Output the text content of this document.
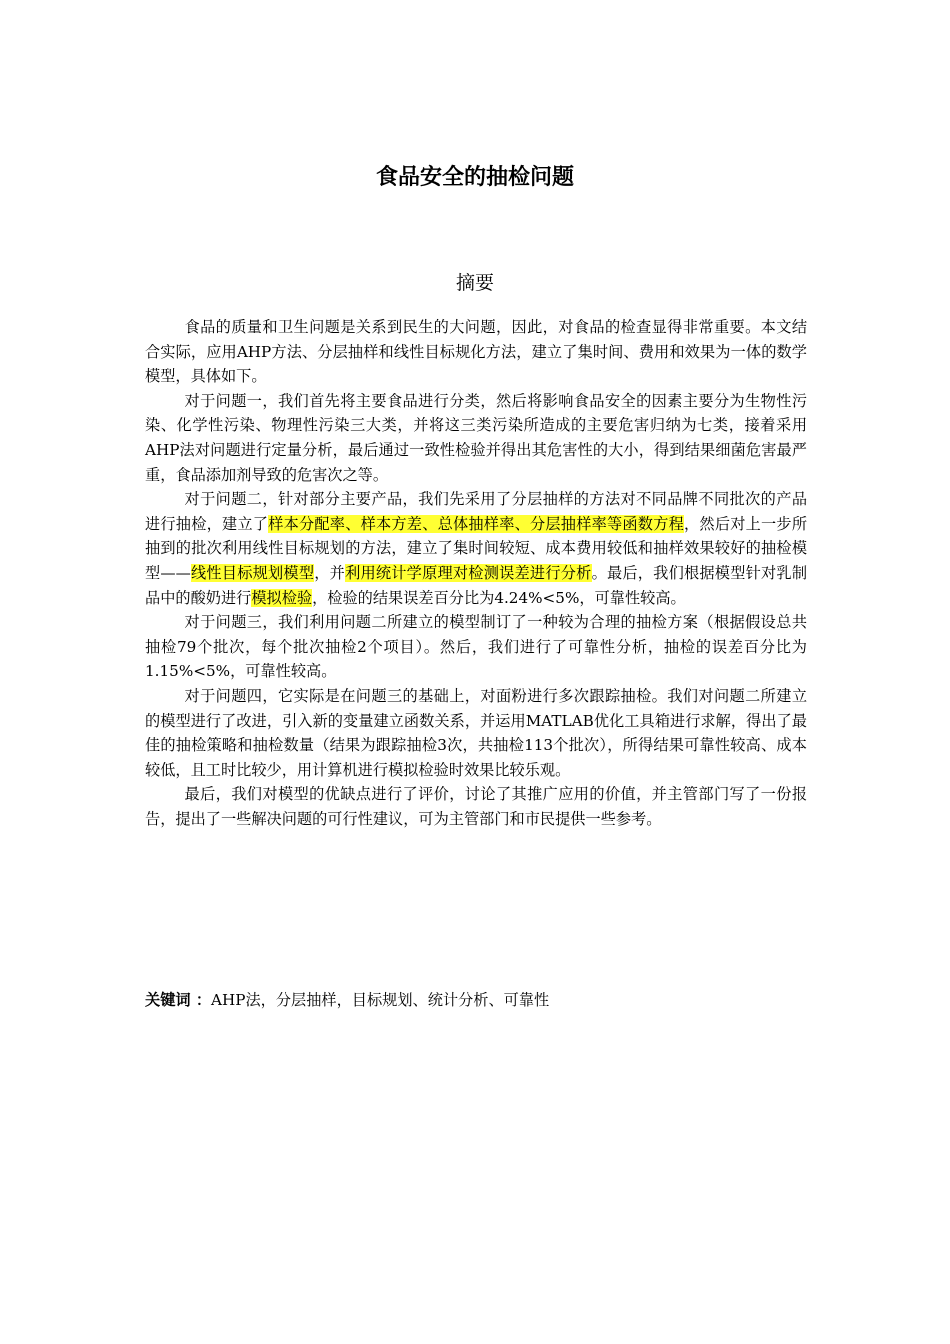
食品安全的抽检问题
摘要

食品的质量和卫生问题是关系到民生的大问题，因此，对食品的检查显得非常重要。本文结合实际，应用AHP方法、分层抽样和线性目标规化方法，建立了集时间、费用和效果为一体的数学模型，具体如下。

对于问题一，我们首先将主要食品进行分类，然后将影响食品安全的因素主要分为生物性污染、化学性污染、物理性污染三大类，并将这三类污染所造成的主要危害归纳为七类，接着采用AHP法对问题进行定量分析，最后通过一致性检验并得出其危害性的大小，得到结果细菌危害最严重，食品添加剂导致的危害次之等。

对于问题二，针对部分主要产品，我们先采用了分层抽样的方法对不同品牌不同批次的产品进行抽检，建立了样本分配率、样本方差、总体抽样率、分层抽样率等函数方程，然后对上一步所抽到的批次利用线性目标规划的方法，建立了集时间较短、成本费用较低和抽样效果较好的抽检模型——线性目标规划模型，并利用统计学原理对检测误差进行分析。最后，我们根据模型针对乳制品中的酸奶进行模拟检验，检验的结果误差百分比为4.24%<5%，可靠性较高。

对于问题三，我们利用问题二所建立的模型制订了一种较为合理的抽检方案（根据假设总共抽检79个批次，每个批次抽检2个项目）。然后，我们进行了可靠性分析，抽检的误差百分比为1.15%<5%，可靠性较高。

对于问题四，它实际是在问题三的基础上，对面粉进行多次跟踪抽检。我们对问题二所建立的模型进行了改进，引入新的变量建立函数关系，并运用MATLAB优化工具箱进行求解，得出了最佳的抽检策略和抽检数量（结果为跟踪抽检3次，共抽检113个批次），所得结果可靠性较高、成本较低，且工时比较少，用计算机进行模拟检验时效果比较乐观。

最后，我们对模型的优缺点进行了评价，讨论了其推广应用的价值，并主管部门写了一份报告，提出了一些解决问题的可行性建议，可为主管部门和市民提供一些参考。

关键词 ：AHP法，分层抽样，目标规划、统计分析、可靠性
